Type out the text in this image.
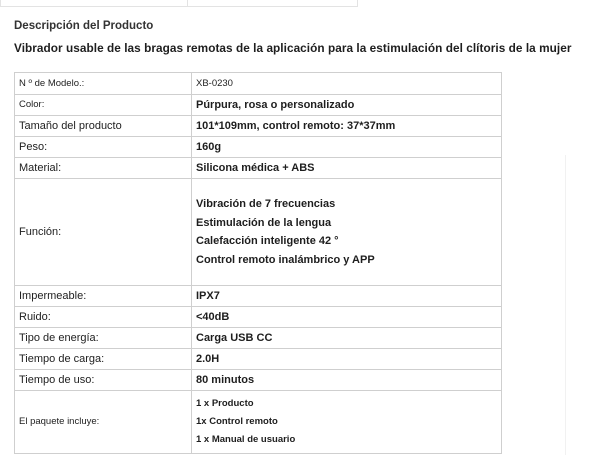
Descripción del Producto
Vibrador usable de las bragas remotas de la aplicación para la estimulación del clítoris de la mujer
N º de Modelo.:	XB-0230
Color:	Púrpura, rosa o personalizado
Tamaño del producto	101*109mm, control remoto: 37*37mm
Peso:	160g
Material:	Silicona médica + ABS
Función:	Vibración de 7 frecuencias
Estimulación de la lengua
Calefacción inteligente 42 °
Control remoto inalámbrico y APP

Impermeable:	IPX7
Ruido:	<40dB
Tipo de energía:	Carga USB CC
Tiempo de carga:	2.0H
Tiempo de uso:	80 minutos
El paquete incluye:	1 x Producto
1x Control remoto
1 x Manual de usuario
